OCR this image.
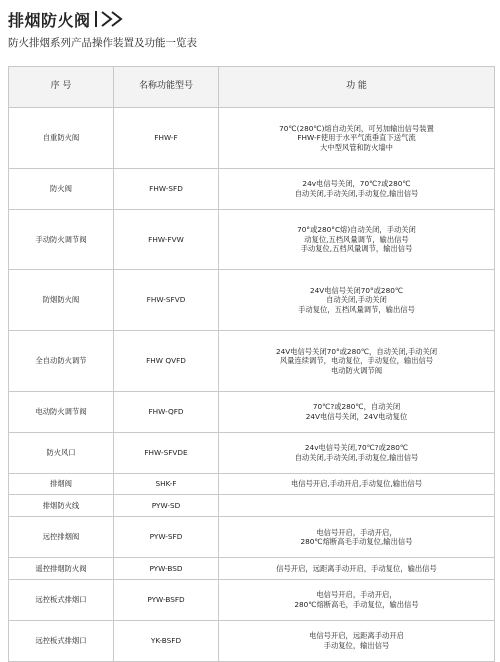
排烟防火阀
防火排烟系列产品操作装置及功能一览表
序 号	名称功能型号	功 能
自重防火阀	FHW-F	70℃(280℃)熔自动关闭，可另加输出信号装置
FHW-F使用于水平气流垂直下送气流
大中型风管和防火墙中
防火阀	FHW-SFD	24v电信号关闭，70℃?或280℃
自动关闭,手动关闭,手动复位,输出信号
手动防火调节阀	FHW-FVW	70°或280°C熔)自动关闭，手动关闭
动复位,五档风量调节，输出信号
手动复位,五档风量调节，输出信号
防烟防火阀	FHW-SFVD	24V电信号关闭70°或280℃
自动关闭,手动关闭
手动复位，五档风量调节，输出信号
全自动防火调节	FHW QVFD	24V电信号关闭70°或280℃，自动关闭,手动关闭
风量连续调节，电动复位，手动复位，输出信号
电动防火调节阀
电动防火调节阀	FHW-QFD	70℃?或280℃，自动关闭
24V电信号关闭，24V电动复位
防火风口	FHW-SFVDE	24v电信号关闭,70℃?或280℃
自动关闭,手动关闭,手动复位,输出信号
排烟阀	SHK-F	电信号开启,手动开启,手动复位,输出信号
排烟防火线	PYW-SD	
远控排烟阀	PYW-SFD	电信号开启，手动开启，
280℃熔断高毛手动复位,输出信号
遥控排烟防火阀	PYW-BSD	信号开启，远距离手动开启，手动复位，输出信号
远控板式排烟口	PYW-BSFD	电信号开启，手动开启，
280℃熔断高毛，手动复位，输出信号
远控板式排烟口	YK-BSFD	电信号开启，远距离手动开启
手动复位，输出信号
